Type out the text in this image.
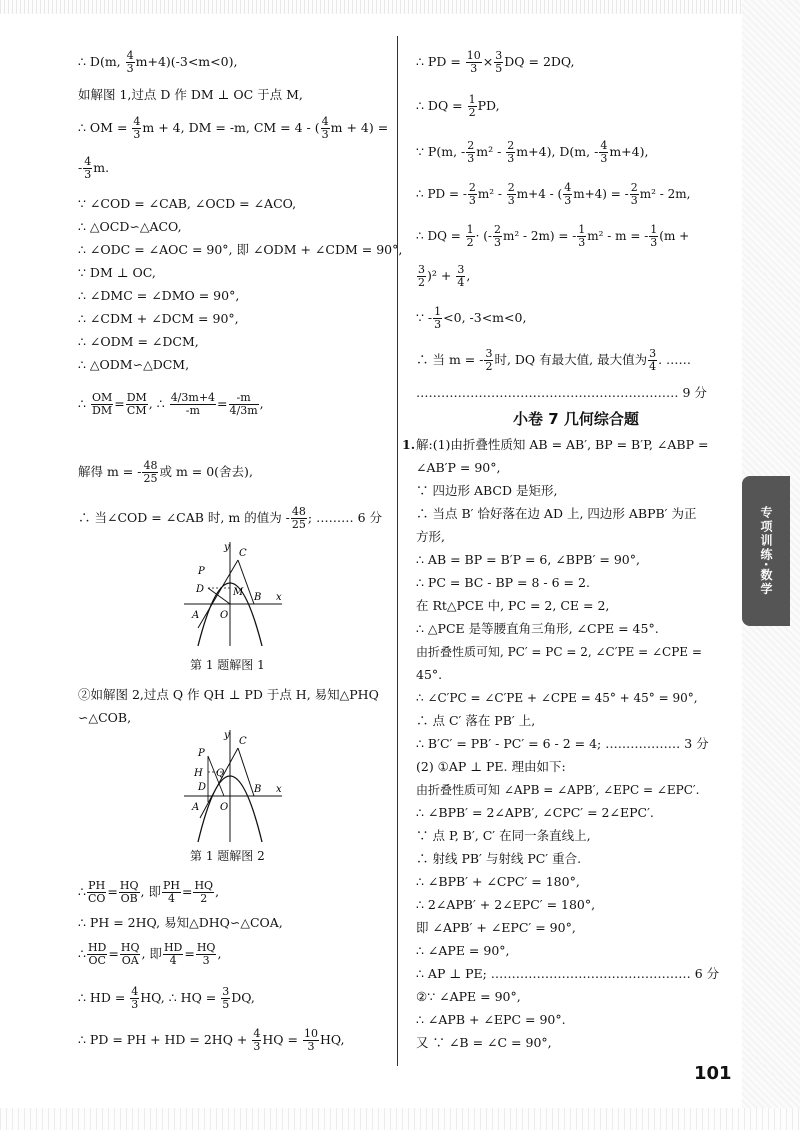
∴ D(m, $\frac{4}{3} m+4)(-3<m<0)$,
如解图 1,过点 D 作 DM ⊥ OC 于点 M,
∴ OM = $\frac{4}{3}$ m + 4, DM = -m, CM = 4 - ( $\frac{4}{3}$ m + 4) =
- $\frac{4}{3} m$.
∵ ∠COD = ∠CAB, ∠OCD = ∠ACO,
∴ △OCD∽△ACO,
∴ ∠ODC = ∠AOC = 90°, 即 ∠ODM + ∠CDM = 90°,
∵ DM ⊥ OC,
∴ ∠DMC = ∠DMO = 90°,
∴ ∠CDM + ∠DCM = 90°,
∴ ∠ODM = ∠DCM,
∴ △ODM∽△DCM,
∴ $\frac{OM}{DM} = \frac{DM}{CM}$ , ∴ $\frac{4/3m+4}{-m} = \frac{-m}{4/3m}$ ,
解得 m = - $\frac{48}{25}$ 或 m = 0(舍去),
∴ 当∠COD = ∠CAB 时, m 的值为 - $\frac{48}{25}$ ; ……… 6 分
y
C
P
D	M B
A O
x
第 1 题解图 1
②如解图 2,过点 Q 作 QH ⊥ PD 于点 H, 易知△PHQ
∽△COB,
y
C
P
H Q
D	B
A O
x
第 1 题解图 2
∴ $\frac{PH}{CO} = \frac{HQ}{OB}$ , 即 $\frac{PH}{4} = \frac{HQ}{2}$ ,
∴ PH = 2HQ, 易知△DHQ∽△COA,
∴ $\frac{HD}{OC} = \frac{HQ}{OA}$ , 即 $\frac{HD}{4} = \frac{HQ}{3}$ ,
∴ HD = $\frac{4}{3}$ HQ, ∴ HQ = $\frac{3}{5}$ DQ,
∴ PD = PH + HD = $2HQ + \frac{4}{3}$ HQ = $\frac{10}{3}$ HQ,
∴ PD = $\frac{10}{3} \times \frac{3}{5}$ DQ = 2DQ,
∴ DQ = $\frac{1}{2}$ PD,
∵ P(m, - $\frac{2}{3} m^2 - \frac{2}{3} m+4$), D(m, - $\frac{4}{3} m+4$),
∴ PD = - $\frac{2}{3} m^2 - \frac{2}{3} m+4$ - ( $\frac{4}{3} m+4$) = - $\frac{2}{3} m^2 - 2m$,
∴ DQ = $\frac{1}{2}$ · (- $\frac{2}{3} m^2 - 2m$) = - $\frac{1}{3} m^2$ - m = - $\frac{1}{3} (m$ +
$\frac{3}{2} )^2 + \frac{3}{4}$ ,
∵ - $\frac{1}{3} <0$, -3<m<0,
∴ 当 m = - $\frac{3}{2}$ 时, DQ 有最大值, 最大值为 $\frac{3}{4}$ . ……
……………………………………………………… 9 分
小卷 7 几何综合题
1. 解:(1)由折叠性质知 AB = AB′, BP = B′P, ∠ABP =
∠AB′P = 90°,
∵ 四边形 ABCD 是矩形,
∴ 当点 B′ 恰好落在边 AD 上, 四边形 ABPB′ 为正
方形,
∴ AB = BP = B′P = 6, ∠BPB′ = 90°,
∴ PC = BC - BP = 8 - 6 = 2.
在 Rt△PCE 中, PC = 2, CE = 2,
∴ △PCE 是等腰直角三角形, ∠CPE = 45°.
由折叠性质可知, PC′ = PC = 2, ∠C′PE = ∠CPE =
45°.
∴ ∠C′PC = ∠C′PE + ∠CPE = 45° + 45° = 90°,
∴ 点 C′ 落在 PB′ 上,
∴ B′C′ = PB′ - PC′ = 6 - 2 = 4; ……………… 3 分
(2) ①AP ⊥ PE. 理由如下:
由折叠性质可知 ∠APB = ∠APB′, ∠EPC = ∠EPC′.
∴ ∠BPB′ = 2∠APB′, ∠CPC′ = 2∠EPC′.
∵ 点 P, B′, C′ 在同一条直线上,
∴ 射线 PB′ 与射线 PC′ 重合.
∴ ∠BPB′ + ∠CPC′ = 180°,
∴ 2∠APB′ + 2∠EPC′ = 180°,
即 ∠APB′ + ∠EPC′ = 90°,
∴ ∠APE = 90°,
∴ AP ⊥ PE; ………………………………………… 6 分
②∵ ∠APE = 90°,
∴ ∠APB + ∠EPC = 90°.
又 ∵ ∠B = ∠C = 90°,
专项训练·数学
101
